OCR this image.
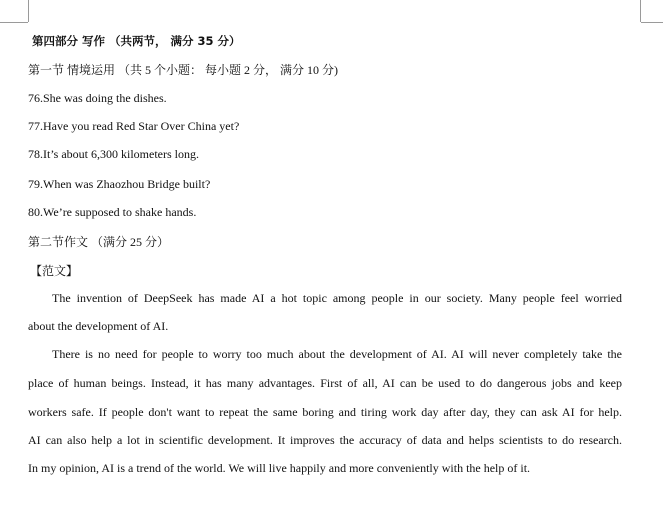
第四部分 写作 （共两节， 满分 35 分）
第一节 情境运用 （共 5 个小题： 每小题 2 分， 满分 10 分)
76.She was doing the dishes.
77.Have you read Red Star Over China yet?
78.It’s about 6,300 kilometers long.
79.When was Zhaozhou Bridge built?
80.We’re supposed to shake hands.
第二节作文 （满分 25 分）
【范文】
The invention of DeepSeek has made AI a hot topic among people in our society. Many people feel worried
about the development of AI.
There is no need for people to worry too much about the development of AI. AI will never completely take the
place of human beings. Instead, it has many advantages. First of all, AI can be used to do dangerous jobs and keep
workers safe. If people don't want to repeat the same boring and tiring work day after day, they can ask AI for help.
AI can also help a lot in scientific development. It improves the accuracy of data and helps scientists to do research.
In my opinion, AI is a trend of the world. We will live happily and more conveniently with the help of it.
